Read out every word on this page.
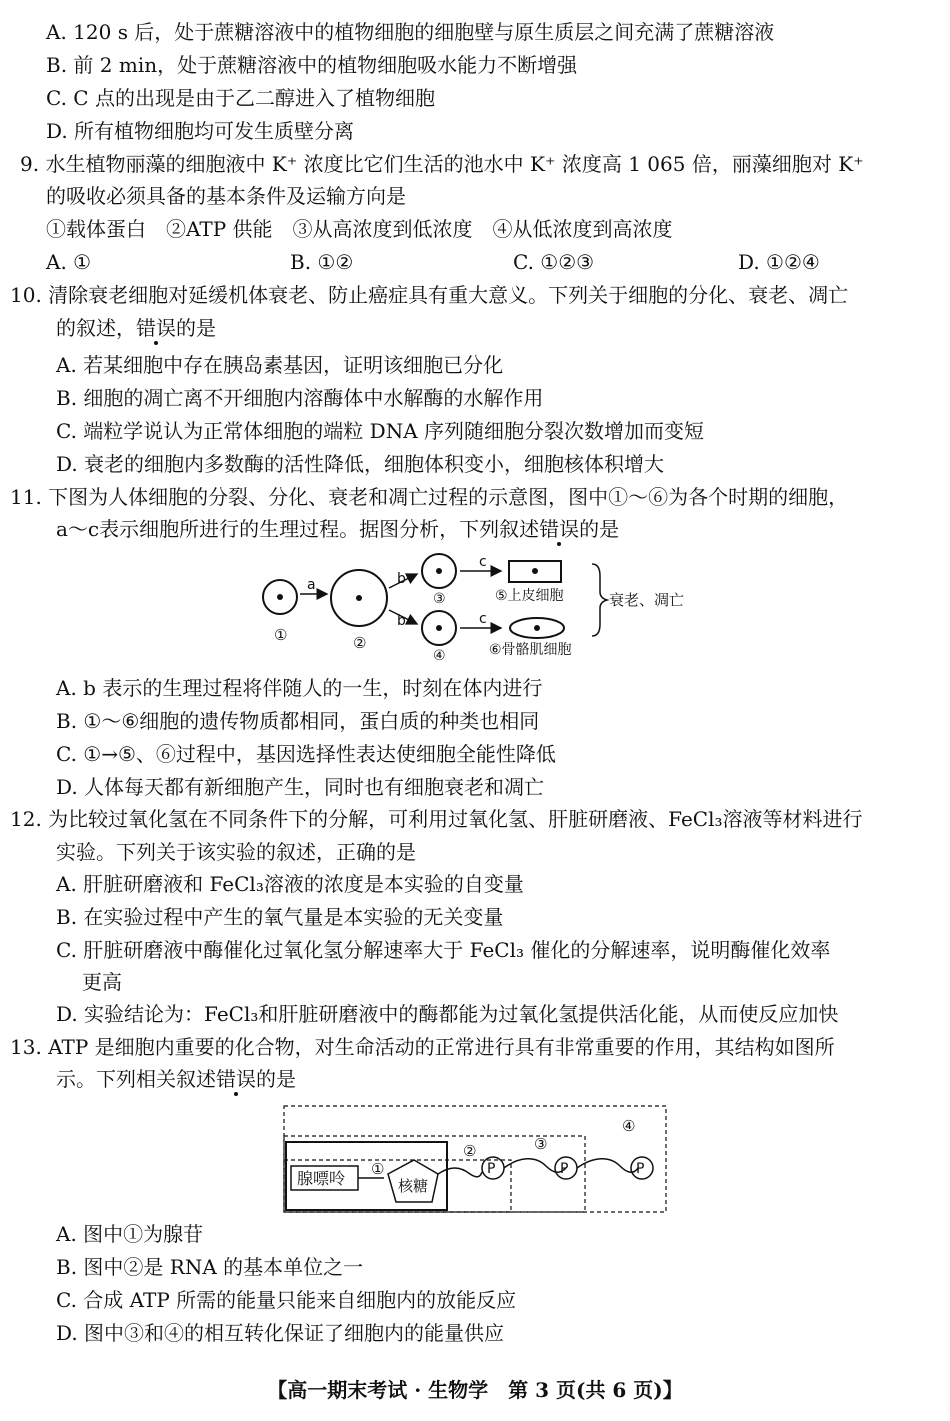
A. 120 s 后，处于蔗糖溶液中的植物细胞的细胞壁与原生质层之间充满了蔗糖溶液
B. 前 2 min，处于蔗糖溶液中的植物细胞吸水能力不断增强
C. C 点的出现是由于乙二醇进入了植物细胞
D. 所有植物细胞均可发生质壁分离
9. 水生植物丽藻的细胞液中 K⁺ 浓度比它们生活的池水中 K⁺ 浓度高 1 065 倍，丽藻细胞对 K⁺
的吸收必须具备的基本条件及运输方向是
①载体蛋白　②ATP 供能　③从高浓度到低浓度　④从低浓度到高浓度
A. ①	B. ①②	C. ①②③	D. ①②④
10. 清除衰老细胞对延缓机体衰老、防止癌症具有重大意义。下列关于细胞的分化、衰老、凋亡
的叙述，错误的是
A. 若某细胞中存在胰岛素基因，证明该细胞已分化
B. 细胞的凋亡离不开细胞内溶酶体中水解酶的水解作用
C. 端粒学说认为正常体细胞的端粒 DNA 序列随细胞分裂次数增加而变短
D. 衰老的细胞内多数酶的活性降低，细胞体积变小，细胞核体积增大
11. 下图为人体细胞的分裂、分化、衰老和凋亡过程的示意图，图中①～⑥为各个时期的细胞，
a～c表示细胞所进行的生理过程。据图分析，下列叙述错误的是
①
a
②
b
b
③
④
c
c
⑤上皮细胞
⑥骨骼肌细胞
衰老、凋亡
A. b 表示的生理过程将伴随人的一生，时刻在体内进行
B. ①～⑥细胞的遗传物质都相同，蛋白质的种类也相同
C. ①→⑤、⑥过程中，基因选择性表达使细胞全能性降低
D. 人体每天都有新细胞产生，同时也有细胞衰老和凋亡
12. 为比较过氧化氢在不同条件下的分解，可利用过氧化氢、肝脏研磨液、FeCl₃溶液等材料进行
实验。下列关于该实验的叙述，正确的是
A. 肝脏研磨液和 FeCl₃溶液的浓度是本实验的自变量
B. 在实验过程中产生的氧气量是本实验的无关变量
C. 肝脏研磨液中酶催化过氧化氢分解速率大于 FeCl₃ 催化的分解速率，说明酶催化效率
更高
D. 实验结论为：FeCl₃和肝脏研磨液中的酶都能为过氧化氢提供活化能，从而使反应加快
13. ATP 是细胞内重要的化合物，对生命活动的正常进行具有非常重要的作用，其结构如图所
示。下列相关叙述错误的是
④
③
②
①
腺嘌呤	核糖
P	P	P
A. 图中①为腺苷
B. 图中②是 RNA 的基本单位之一
C. 合成 ATP 所需的能量只能来自细胞内的放能反应
D. 图中③和④的相互转化保证了细胞内的能量供应
【高一期末考试 · 生物学　第 3 页(共 6 页)】
